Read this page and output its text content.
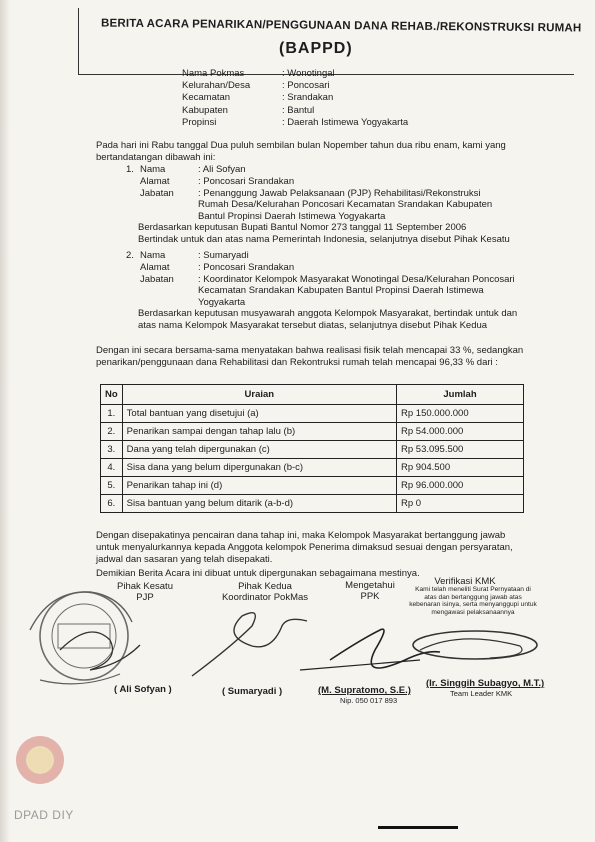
BERITA ACARA PENARIKAN/PENGGUNAAN DANA REHAB./REKONSTRUKSI RUMAH
(BAPPD)
Nama Pokmas	: Wonotingal
Kelurahan/Desa	: Poncosari
Kecamatan	: Srandakan
Kabupaten	: Bantul
Propinsi	: Daerah Istimewa Yogyakarta
Pada hari ini Rabu tanggal Dua puluh sembilan bulan Nopember tahun dua ribu enam, kami yang bertandatangan dibawah ini:
1. Nama	: Ali Sofyan
Alamat	: Poncosari Srandakan
Jabatan	: Penanggung Jawab Pelaksanaan (PJP) Rehabilitasi/Rekonstruksi Rumah Desa/Kelurahan Poncosari Kecamatan Srandakan Kabupaten Bantul Propinsi Daerah Istimewa Yogyakarta
Berdasarkan keputusan Bupati Bantul Nomor 273 tanggal 11 September 2006
Bertindak untuk dan atas nama Pemerintah Indonesia, selanjutnya disebut Pihak Kesatu
2. Nama	: Sumaryadi
Alamat	: Poncosari Srandakan
Jabatan	: Koordinator Kelompok Masyarakat Wonotingal Desa/Kelurahan Poncosari Kecamatan Srandakan Kabupaten Bantul Propinsi Daerah Istimewa Yogyakarta
Berdasarkan keputusan musyawarah anggota Kelompok Masyarakat, bertindak untuk dan atas nama Kelompok Masyarakat tersebut diatas, selanjutnya disebut Pihak Kedua
Dengan ini secara bersama-sama menyatakan bahwa realisasi fisik telah mencapai 33 %, sedangkan penarikan/penggunaan dana Rehabilitasi dan Rekontruksi rumah telah mencapai 96,33 % dari :
No	Uraian	Jumlah
1.	Total bantuan yang disetujui (a)	Rp 150.000.000
2.	Penarikan sampai dengan tahap lalu (b)	Rp 54.000.000
3.	Dana yang telah dipergunakan (c)	Rp 53.095.500
4.	Sisa dana yang belum dipergunakan (b-c)	Rp 904.500
5.	Penarikan tahap ini (d)	Rp 96.000.000
6.	Sisa bantuan yang belum ditarik (a-b-d)	Rp 0
Dengan disepakatinya pencairan dana tahap ini, maka Kelompok Masyarakat bertanggung jawab untuk menyalurkannya kepada Anggota kelompok Penerima dimaksud sesuai dengan persyaratan, jadwal dan sasaran yang telah disepakati.
Demikian Berita Acara ini dibuat untuk dipergunakan sebagaimana mestinya.
Pihak Kesatu
PJP
Pihak Kedua
Koordinator PokMas
Mengetahui
PPK
Verifikasi KMK
Kami telah meneliti Surat Pernyataan di atas dan bertanggung jawab atas kebenaran isinya, serta menyanggupi untuk mengawasi pelaksanaannya
( Ali Sofyan )	( Sumaryadi )	(M. Supratomo, S.E.)
Nip. 050 017 893
(Ir. Singgih Subagyo, M.T.)
Team Leader KMK
DPAD DIY
